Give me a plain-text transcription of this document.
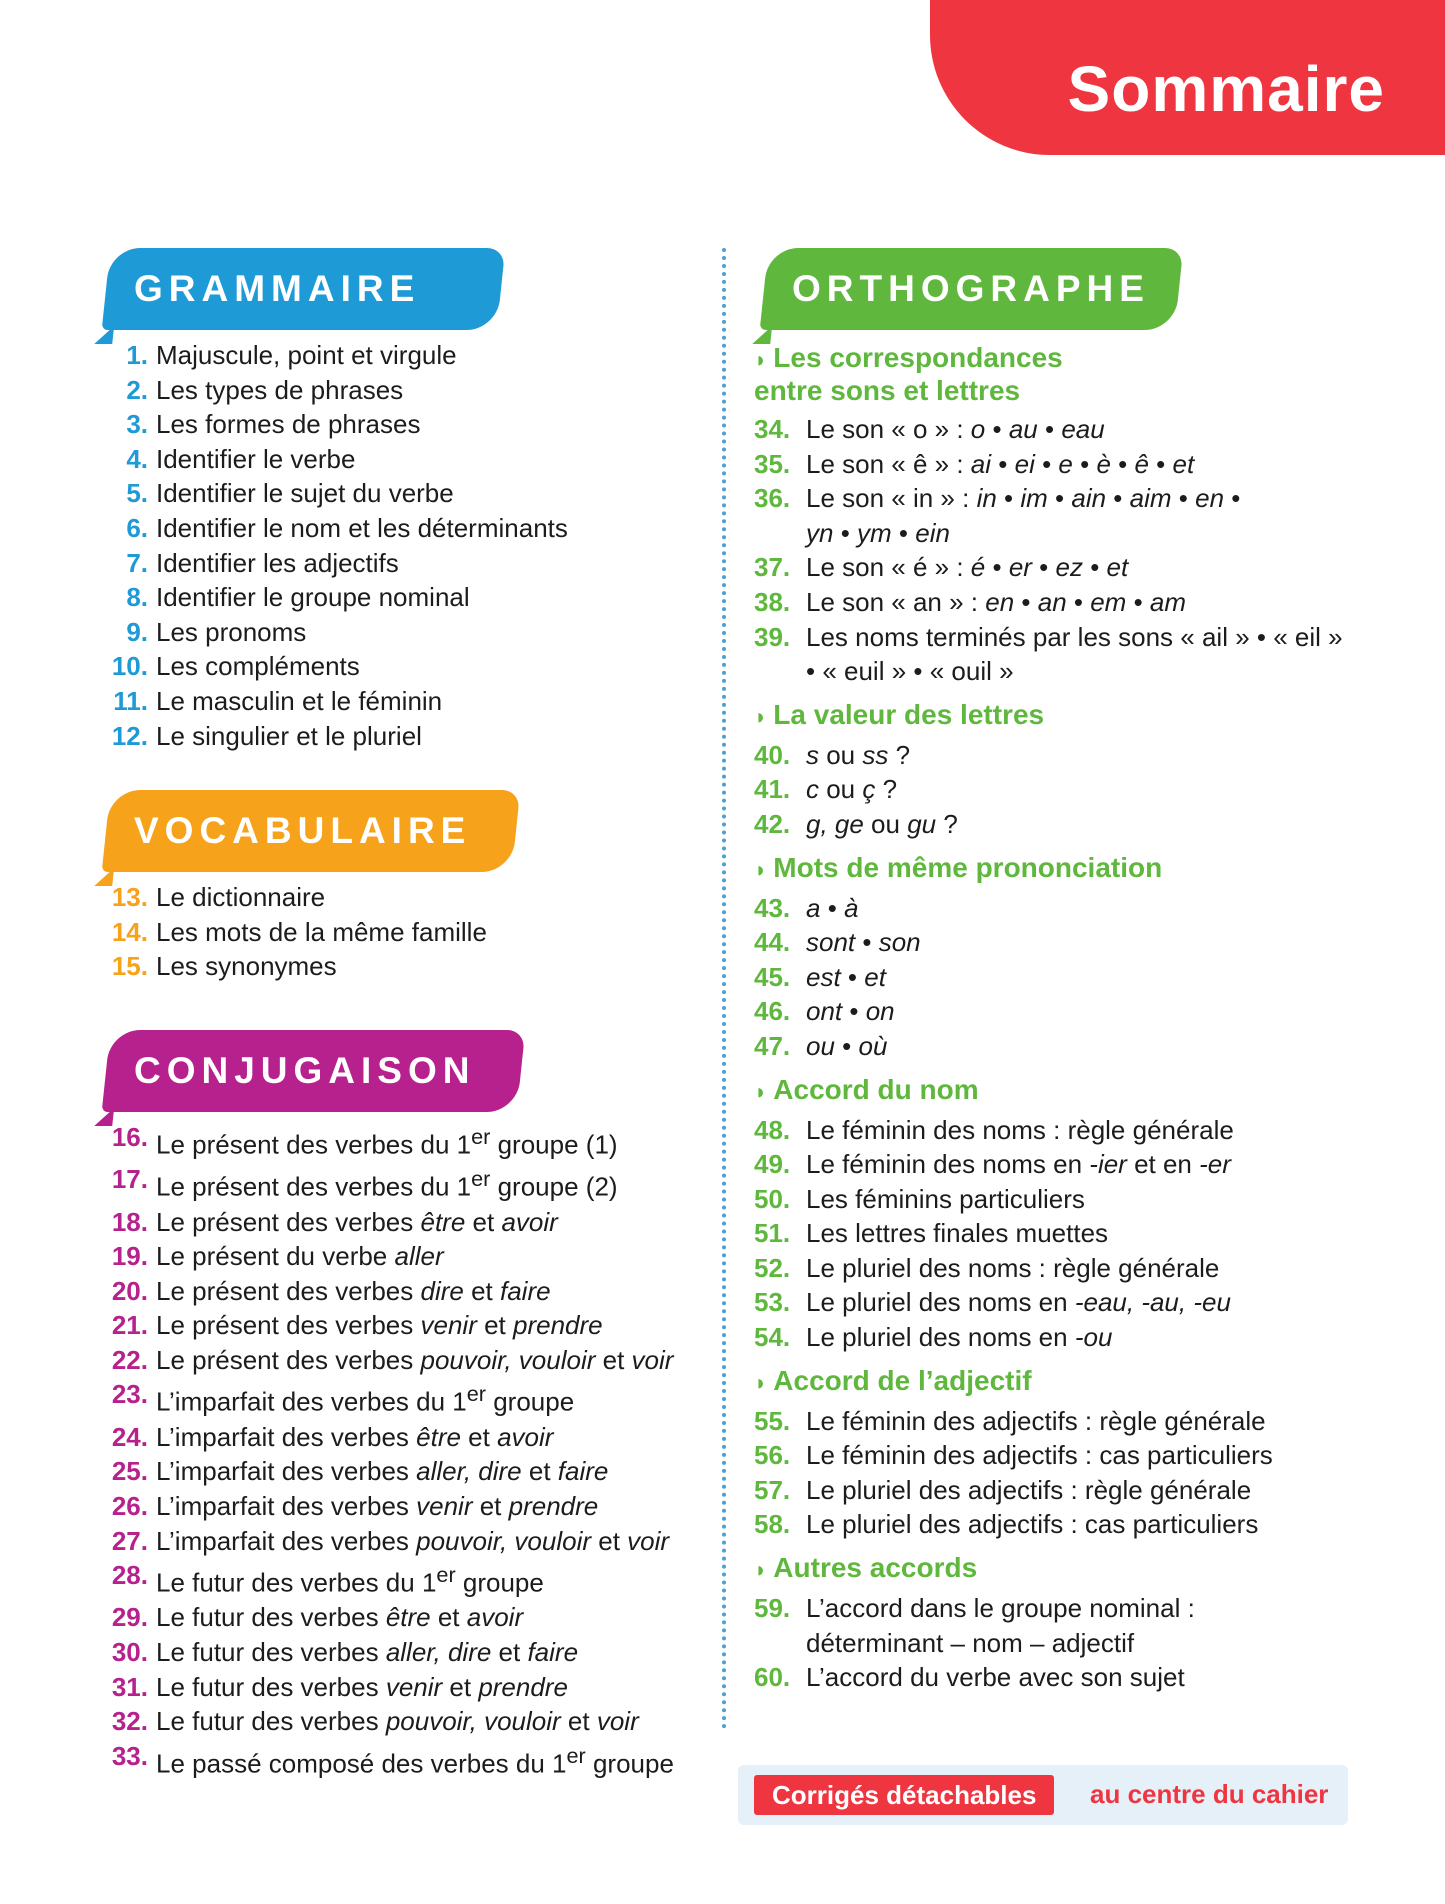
Sommaire
GRAMMAIRE
1. Majuscule, point et virgule
2. Les types de phrases
3. Les formes de phrases
4. Identifier le verbe
5. Identifier le sujet du verbe
6. Identifier le nom et les déterminants
7. Identifier les adjectifs
8. Identifier le groupe nominal
9. Les pronoms
10. Les compléments
11. Le masculin et le féminin
12. Le singulier et le pluriel
VOCABULAIRE
13. Le dictionnaire
14. Les mots de la même famille
15. Les synonymes
CONJUGAISON
16. Le présent des verbes du 1er groupe (1)
17. Le présent des verbes du 1er groupe (2)
18. Le présent des verbes être et avoir
19. Le présent du verbe aller
20. Le présent des verbes dire et faire
21. Le présent des verbes venir et prendre
22. Le présent des verbes pouvoir, vouloir et voir
23. L’imparfait des verbes du 1er groupe
24. L’imparfait des verbes être et avoir
25. L’imparfait des verbes aller, dire et faire
26. L’imparfait des verbes venir et prendre
27. L’imparfait des verbes pouvoir, vouloir et voir
28. Le futur des verbes du 1er groupe
29. Le futur des verbes être et avoir
30. Le futur des verbes aller, dire et faire
31. Le futur des verbes venir et prendre
32. Le futur des verbes pouvoir, vouloir et voir
33. Le passé composé des verbes du 1er groupe
ORTHOGRAPHE
◗ Les correspondances entre sons et lettres
34. Le son « o » : o • au • eau
35. Le son « ê » : ai • ei • e • è • ê • et
36. Le son « in » : in • im • ain • aim • en •
yn • ym • ein
37. Le son « é » : é • er • ez • et
38. Le son « an » : en • an • em • am
39. Les noms terminés par les sons « ail » • « eil »
• « euil » • « ouil »
◗ La valeur des lettres
40. s ou ss ?
41. c ou ç ?
42. g, ge ou gu ?
◗ Mots de même prononciation
43. a • à
44. sont • son
45. est • et
46. ont • on
47. ou • où
◗ Accord du nom
48. Le féminin des noms : règle générale
49. Le féminin des noms en -ier et en -er
50. Les féminins particuliers
51. Les lettres finales muettes
52. Le pluriel des noms : règle générale
53. Le pluriel des noms en -eau, -au, -eu
54. Le pluriel des noms en -ou
◗ Accord de l’adjectif
55. Le féminin des adjectifs : règle générale
56. Le féminin des adjectifs : cas particuliers
57. Le pluriel des adjectifs : règle générale
58. Le pluriel des adjectifs : cas particuliers
◗ Autres accords
59. L’accord dans le groupe nominal :
déterminant – nom – adjectif
60. L’accord du verbe avec son sujet
Corrigés détachables	au centre du cahier
